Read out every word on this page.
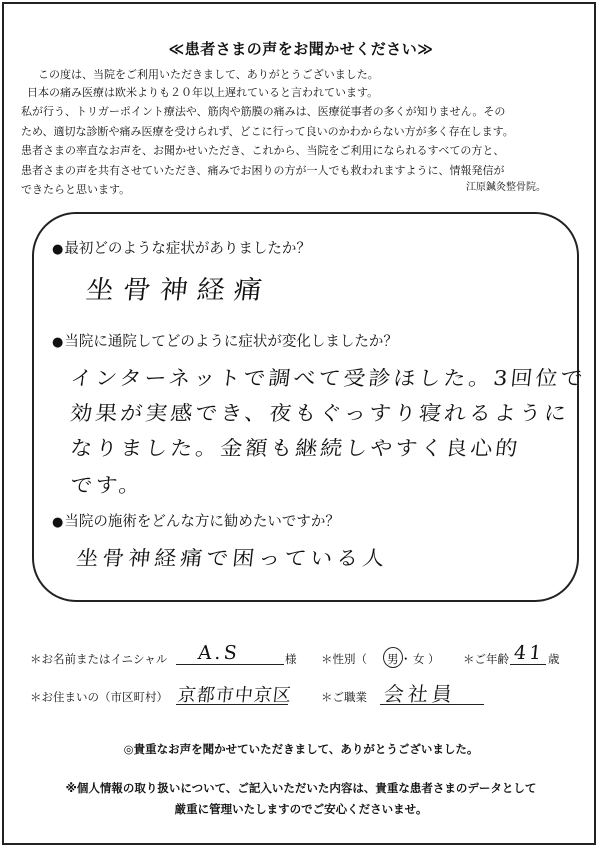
≪患者さまの声をお聞かせください≫

この度は、当院をご利用いただきまして、ありがとうございました。

日本の痛み医療は欧米よりも２０年以上遅れていると言われています。

私が行う、トリガーポイント療法や、筋肉や筋膜の痛みは、医療従事者の多くが知りません。その

ため、適切な診断や痛み医療を受けられず、どこに行って良いのかわからない方が多く存在します。

患者さまの率直なお声を、お聞かせいただき、これから、当院をご利用になられるすべての方と、

患者さまの声を共有させていただき、痛みでお困りの方が一人でも救われますように、情報発信が

できたらと思います。	江原鍼灸整骨院。
●最初どのような症状がありましたか？
坐骨神経痛
●当院に通院してどのように症状が変化しましたか？
インターネットで調べて受診ほした。3回位で
効果が実感でき、夜もぐっすり寝れるように
なりました。金額も継続しやすく良心的
です。
●当院の施術をどんな方に勧めたいですか？
坐骨神経痛で困っている人
＊お名前またはイニシャル A.S	様 ＊性別（ 男 ・ 女 ） ＊ご年齢 41 歳
＊お住まいの（市区町村） 京都市中京区 ＊ご職業 会社員
◎貴重なお声を聞かせていただきまして、ありがとうございました。
※個人情報の取り扱いについて、ご記入いただいた内容は、貴重な患者さまのデータとして
厳重に管理いたしますのでご安心くださいませ。
